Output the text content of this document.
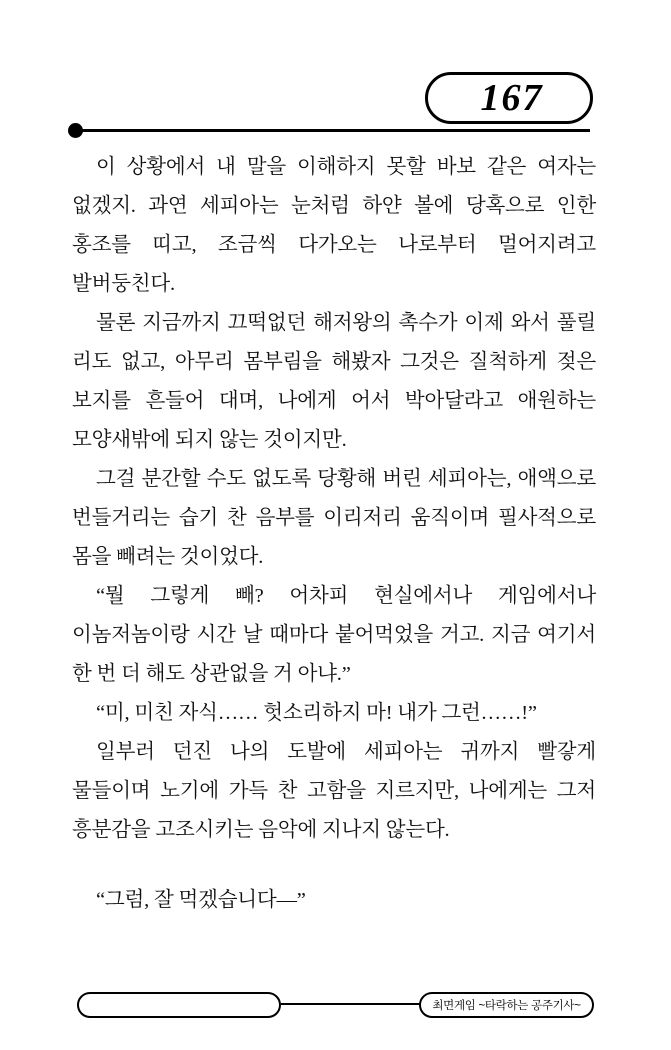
167

이 상황에서 내 말을 이해하지 못할 바보 같은 여자는 없겠지. 과연 세피아는 눈처럼 하얀 볼에 당혹으로 인한 홍조를 띠고, 조금씩 다가오는 나로부터 멀어지려고 발버둥친다.

물론 지금까지 끄떡없던 해저왕의 촉수가 이제 와서 풀릴 리도 없고, 아무리 몸부림을 해봤자 그것은 질척하게 젖은 보지를 흔들어 대며, 나에게 어서 박아달라고 애원하는 모양새밖에 되지 않는 것이지만.

그걸 분간할 수도 없도록 당황해 버린 세피아는, 애액으로 번들거리는 습기 찬 음부를 이리저리 움직이며 필사적으로 몸을 빼려는 것이었다.

“뭘 그렇게 빼? 어차피 현실에서나 게임에서나 이놈저놈이랑 시간 날 때마다 붙어먹었을 거고. 지금 여기서 한 번 더 해도 상관없을 거 아냐.”

“미, 미친 자식…… 헛소리하지 마! 내가 그런……!”

일부러 던진 나의 도발에 세피아는 귀까지 빨갛게 물들이며 노기에 가득 찬 고함을 지르지만, 나에게는 그저 흥분감을 고조시키는 음악에 지나지 않는다.

“그럼, 잘 먹겠습니다―”

최면게임 ~타락하는 공주기사~
